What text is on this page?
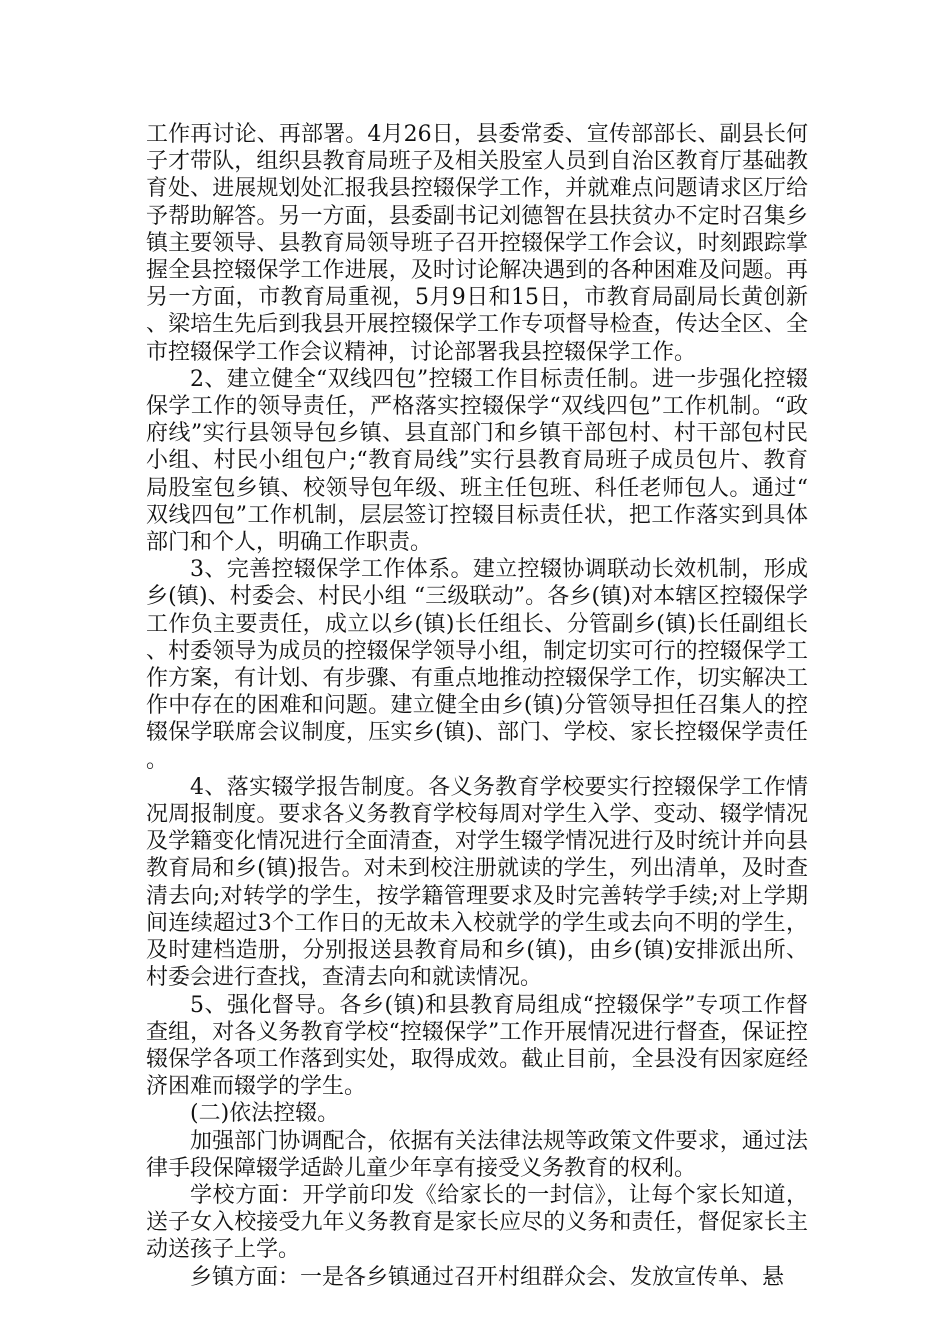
工作再讨论、再部署。4月26日，县委常委、宣传部部长、副县长何子才带队，组织县教育局班子及相关股室人员到自治区教育厅基础教育处、进展规划处汇报我县控辍保学工作，并就难点问题请求区厅给予帮助解答。另一方面，县委副书记刘德智在县扶贫办不定时召集乡镇主要领导、县教育局领导班子召开控辍保学工作会议，时刻跟踪掌握全县控辍保学工作进展，及时讨论解决遇到的各种困难及问题。再另一方面，市教育局重视，5月9日和15日，市教育局副局长黄创新、梁培生先后到我县开展控辍保学工作专项督导检查，传达全区、全市控辍保学工作会议精神，讨论部署我县控辍保学工作。

2、建立健全“双线四包”控辍工作目标责任制。进一步强化控辍保学工作的领导责任，严格落实控辍保学“双线四包”工作机制。“政府线”实行县领导包乡镇、县直部门和乡镇干部包村、村干部包村民小组、村民小组包户;“教育局线”实行县教育局班子成员包片、教育局股室包乡镇、校领导包年级、班主任包班、科任老师包人。通过“双线四包”工作机制，层层签订控辍目标责任状，把工作落实到具体部门和个人，明确工作职责。

3、完善控辍保学工作体系。建立控辍协调联动长效机制，形成乡(镇)、村委会、村民小组 “三级联动”。各乡(镇)对本辖区控辍保学工作负主要责任，成立以乡(镇)长任组长、分管副乡(镇)长任副组长、村委领导为成员的控辍保学领导小组，制定切实可行的控辍保学工作方案，有计划、有步骤、有重点地推动控辍保学工作，切实解决工作中存在的困难和问题。建立健全由乡(镇)分管领导担任召集人的控辍保学联席会议制度，压实乡(镇)、部门、学校、家长控辍保学责任。

4、落实辍学报告制度。各义务教育学校要实行控辍保学工作情况周报制度。要求各义务教育学校每周对学生入学、变动、辍学情况及学籍变化情况进行全面清查，对学生辍学情况进行及时统计并向县教育局和乡(镇)报告。对未到校注册就读的学生，列出清单，及时查清去向;对转学的学生，按学籍管理要求及时完善转学手续;对上学期间连续超过3个工作日的无故未入校就学的学生或去向不明的学生，及时建档造册，分别报送县教育局和乡(镇)，由乡(镇)安排派出所、村委会进行查找，查清去向和就读情况。

5、强化督导。各乡(镇)和县教育局组成“控辍保学”专项工作督查组，对各义务教育学校“控辍保学”工作开展情况进行督查，保证控辍保学各项工作落到实处，取得成效。截止目前，全县没有因家庭经济困难而辍学的学生。

(二)依法控辍。

加强部门协调配合，依据有关法律法规等政策文件要求，通过法律手段保障辍学适龄儿童少年享有接受义务教育的权利。

学校方面：开学前印发《给家长的一封信》，让每个家长知道，送子女入校接受九年义务教育是家长应尽的义务和责任，督促家长主动送孩子上学。

乡镇方面：一是各乡镇通过召开村组群众会、发放宣传单、悬
